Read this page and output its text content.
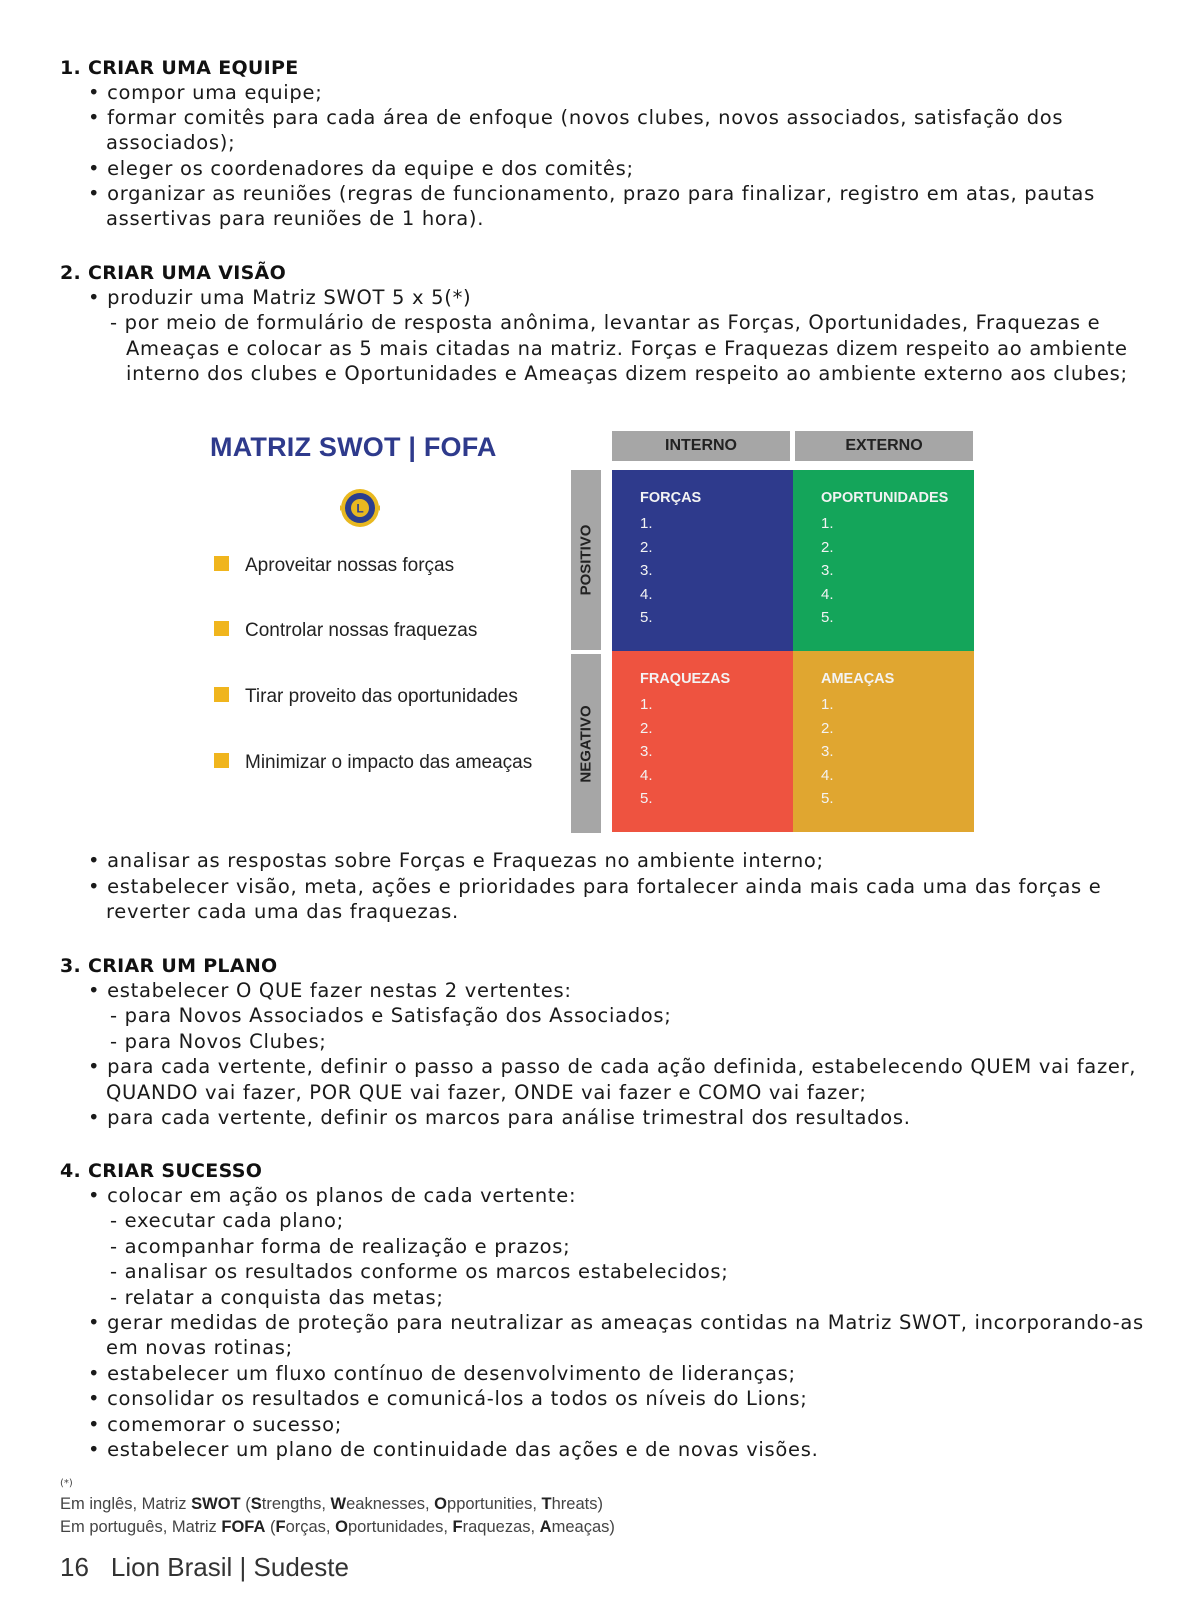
1. CRIAR UMA EQUIPE
• compor uma equipe;
• formar comitês para cada área de enfoque (novos clubes, novos associados, satisfação dos
associados);
• eleger os coordenadores da equipe e dos comitês;
• organizar as reuniões (regras de funcionamento, prazo para finalizar, registro em atas, pautas
assertivas para reuniões de 1 hora).
2. CRIAR UMA VISÃO
• produzir uma Matriz SWOT 5 x 5(*)
- por meio de formulário de resposta anônima, levantar as Forças, Oportunidades, Fraquezas e
Ameaças e colocar as 5 mais citadas na matriz. Forças e Fraquezas dizem respeito ao ambiente
interno dos clubes e Oportunidades e Ameaças dizem respeito ao ambiente externo aos clubes;
MATRIZ SWOT | FOFA
L
Aproveitar nossas forças
Controlar nossas fraquezas
Tirar proveito das oportunidades
Minimizar o impacto das ameaças
INTERNO	EXTERNO
POSITIVO
NEGATIVO
FORÇAS
1.
2.
3.
4.
5.
OPORTUNIDADES
1.
2.
3.
4.
5.
FRAQUEZAS
1.
2.
3.
4.
5.
AMEAÇAS
1.
2.
3.
4.
5.
• analisar as respostas sobre Forças e Fraquezas no ambiente interno;
• estabelecer visão, meta, ações e prioridades para fortalecer ainda mais cada uma das forças e
reverter cada uma das fraquezas.
3. CRIAR UM PLANO
• estabelecer O QUE fazer nestas 2 vertentes:
- para Novos Associados e Satisfação dos Associados;
- para Novos Clubes;
• para cada vertente, definir o passo a passo de cada ação definida, estabelecendo QUEM vai fazer,
QUANDO vai fazer, POR QUE vai fazer, ONDE vai fazer e COMO vai fazer;
• para cada vertente, definir os marcos para análise trimestral dos resultados.
4. CRIAR SUCESSO
• colocar em ação os planos de cada vertente:
- executar cada plano;
- acompanhar forma de realização e prazos;
- analisar os resultados conforme os marcos estabelecidos;
- relatar a conquista das metas;
• gerar medidas de proteção para neutralizar as ameaças contidas na Matriz SWOT, incorporando-as
em novas rotinas;
• estabelecer um fluxo contínuo de desenvolvimento de lideranças;
• consolidar os resultados e comunicá-los a todos os níveis do Lions;
• comemorar o sucesso;
• estabelecer um plano de continuidade das ações e de novas visões.
(*)
Em inglês, Matriz SWOT (Strengths, Weaknesses, Opportunities, Threats)
Em português, Matriz FOFA (Forças, Oportunidades, Fraquezas, Ameaças)
16 Lion Brasil | Sudeste
